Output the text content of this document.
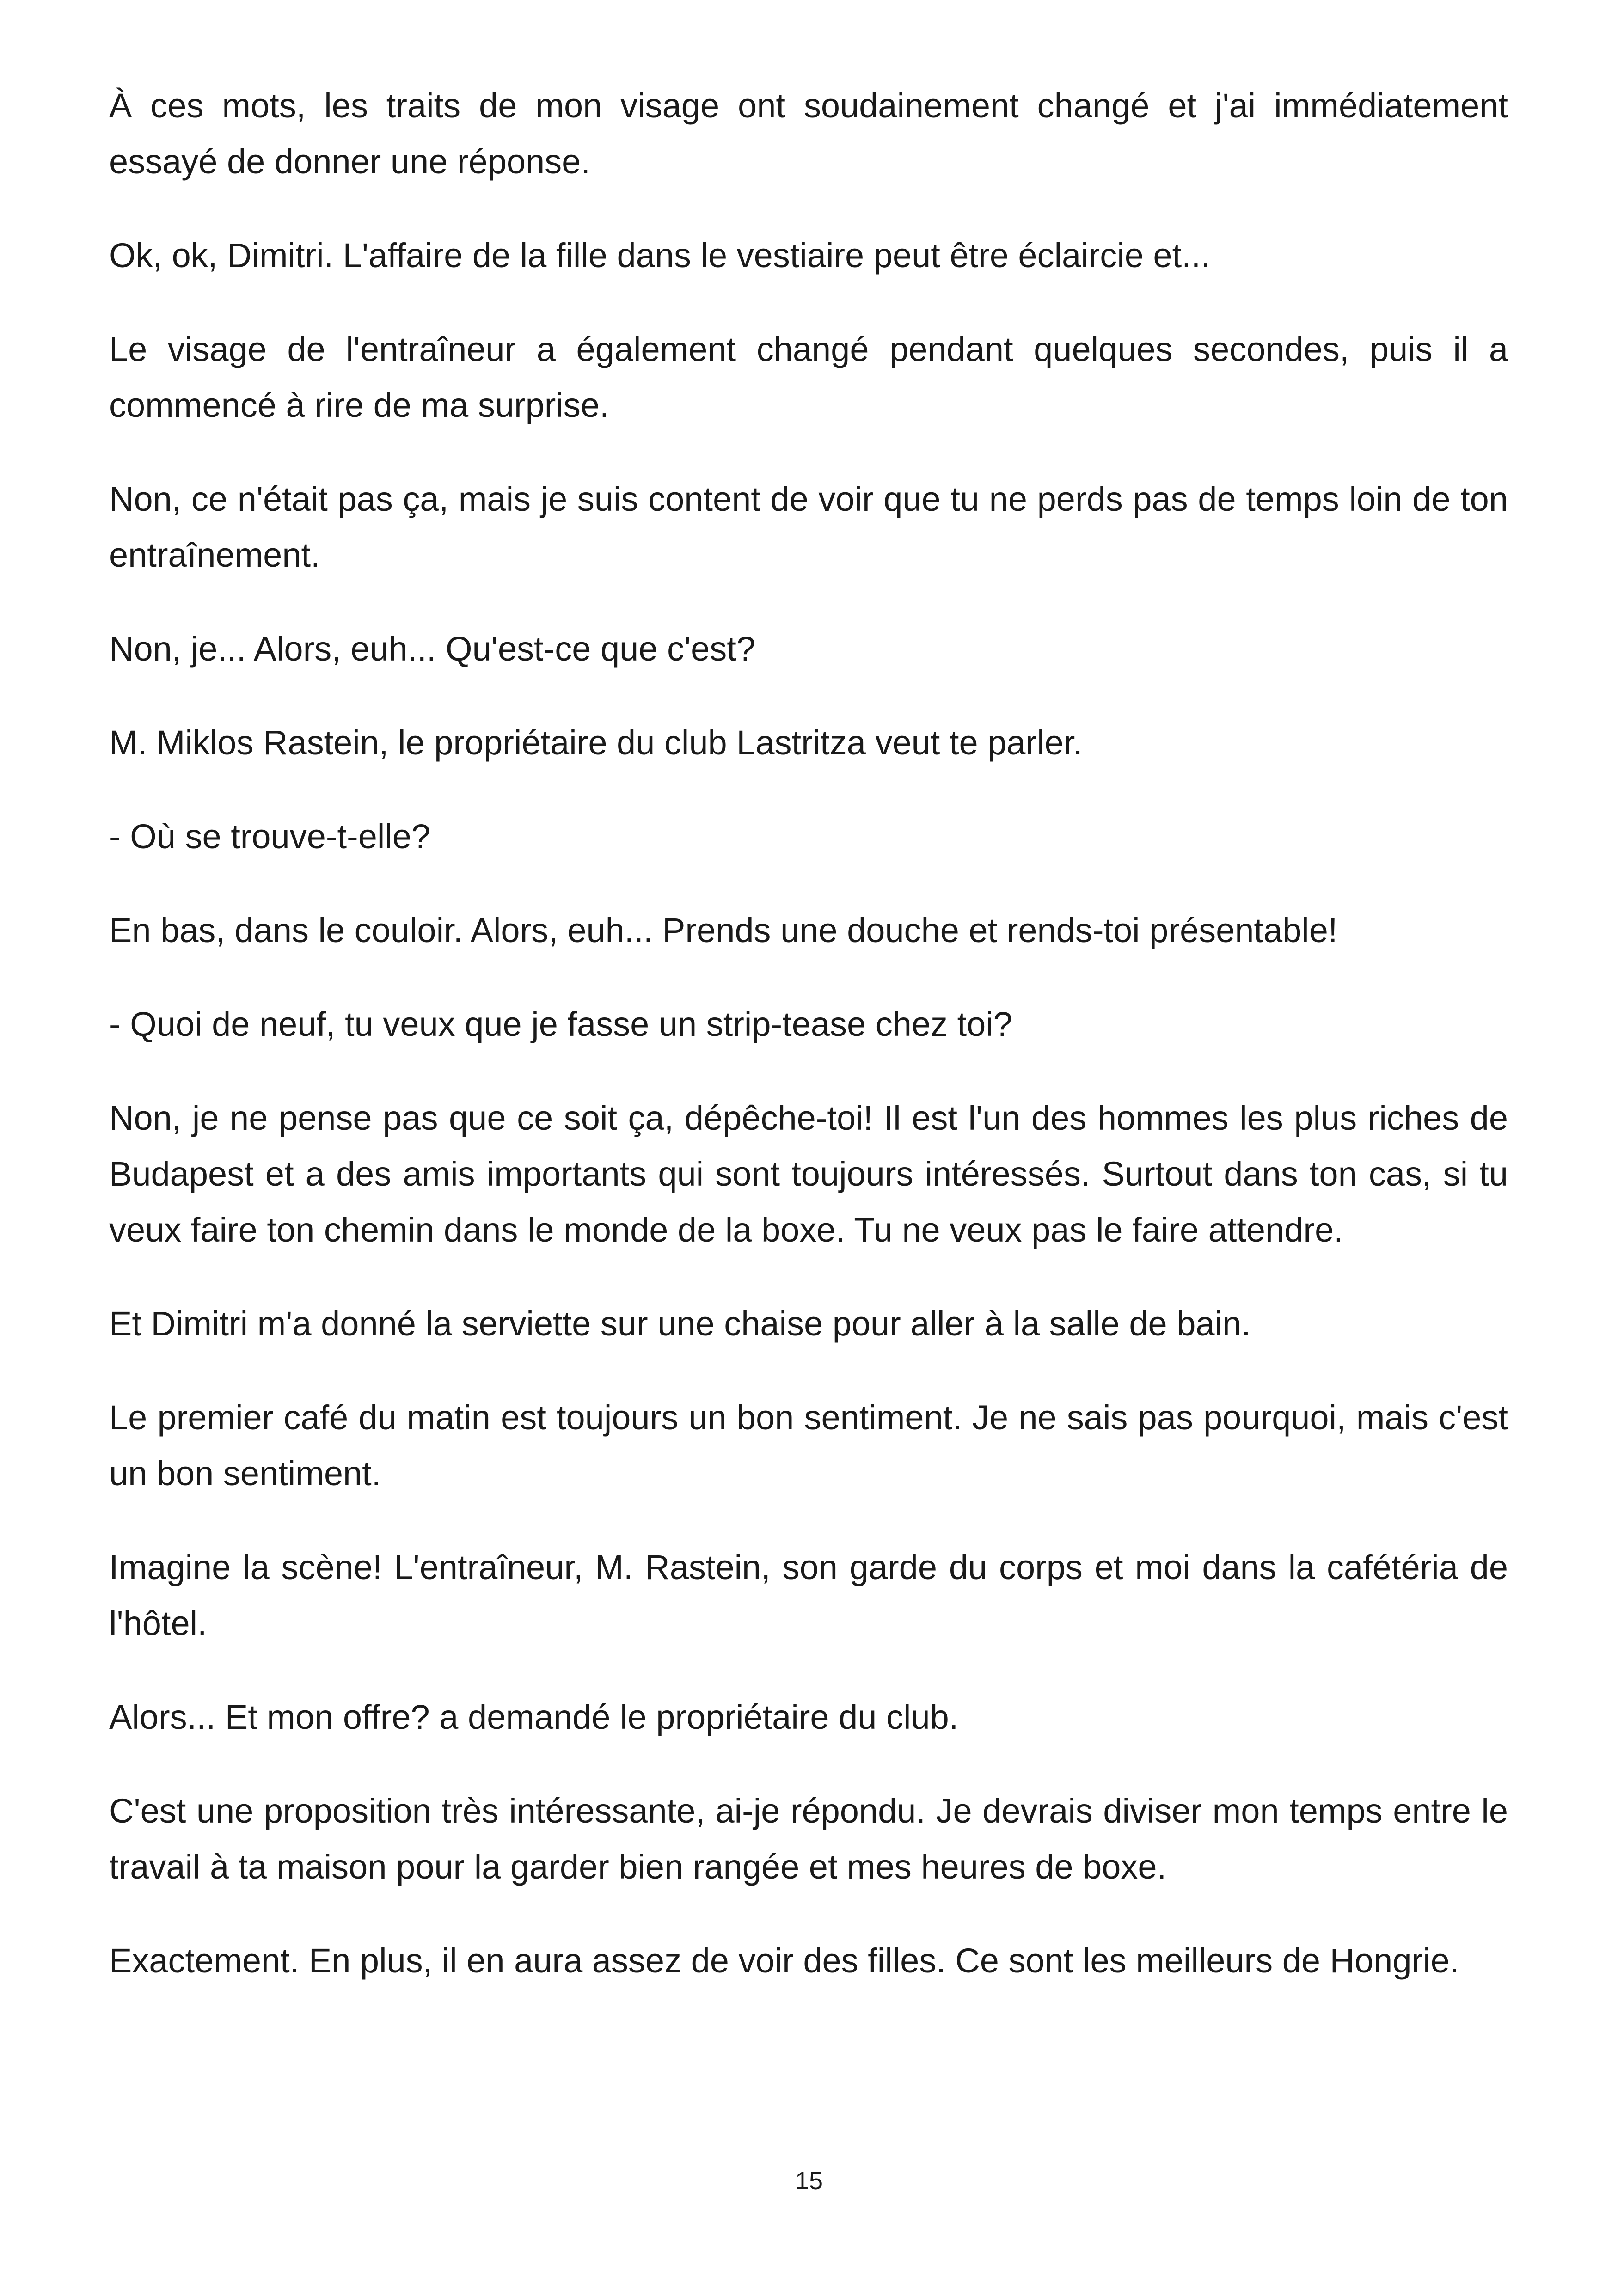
À ces mots, les traits de mon visage ont soudainement changé et j'ai immédiatement essayé de donner une réponse.

Ok, ok, Dimitri. L'affaire de la fille dans le vestiaire peut être éclaircie et...

Le visage de l'entraîneur a également changé pendant quelques secondes, puis il a commencé à rire de ma surprise.

Non, ce n'était pas ça, mais je suis content de voir que tu ne perds pas de temps loin de ton entraînement.

Non, je... Alors, euh... Qu'est-ce que c'est?

M. Miklos Rastein, le propriétaire du club Lastritza veut te parler.

- Où se trouve-t-elle?

En bas, dans le couloir. Alors, euh... Prends une douche et rends-toi présentable!

- Quoi de neuf, tu veux que je fasse un strip-tease chez toi?

Non, je ne pense pas que ce soit ça, dépêche-toi! Il est l'un des hommes les plus riches de Budapest et a des amis importants qui sont toujours intéressés. Surtout dans ton cas, si tu veux faire ton chemin dans le monde de la boxe. Tu ne veux pas le faire attendre.

Et Dimitri m'a donné la serviette sur une chaise pour aller à la salle de bain.

Le premier café du matin est toujours un bon sentiment. Je ne sais pas pourquoi, mais c'est un bon sentiment.

Imagine la scène! L'entraîneur, M. Rastein, son garde du corps et moi dans la cafétéria de l'hôtel.

Alors... Et mon offre? a demandé le propriétaire du club.

C'est une proposition très intéressante, ai-je répondu. Je devrais diviser mon temps entre le travail à ta maison pour la garder bien rangée et mes heures de boxe.

Exactement. En plus, il en aura assez de voir des filles. Ce sont les meilleurs de Hongrie.

15
